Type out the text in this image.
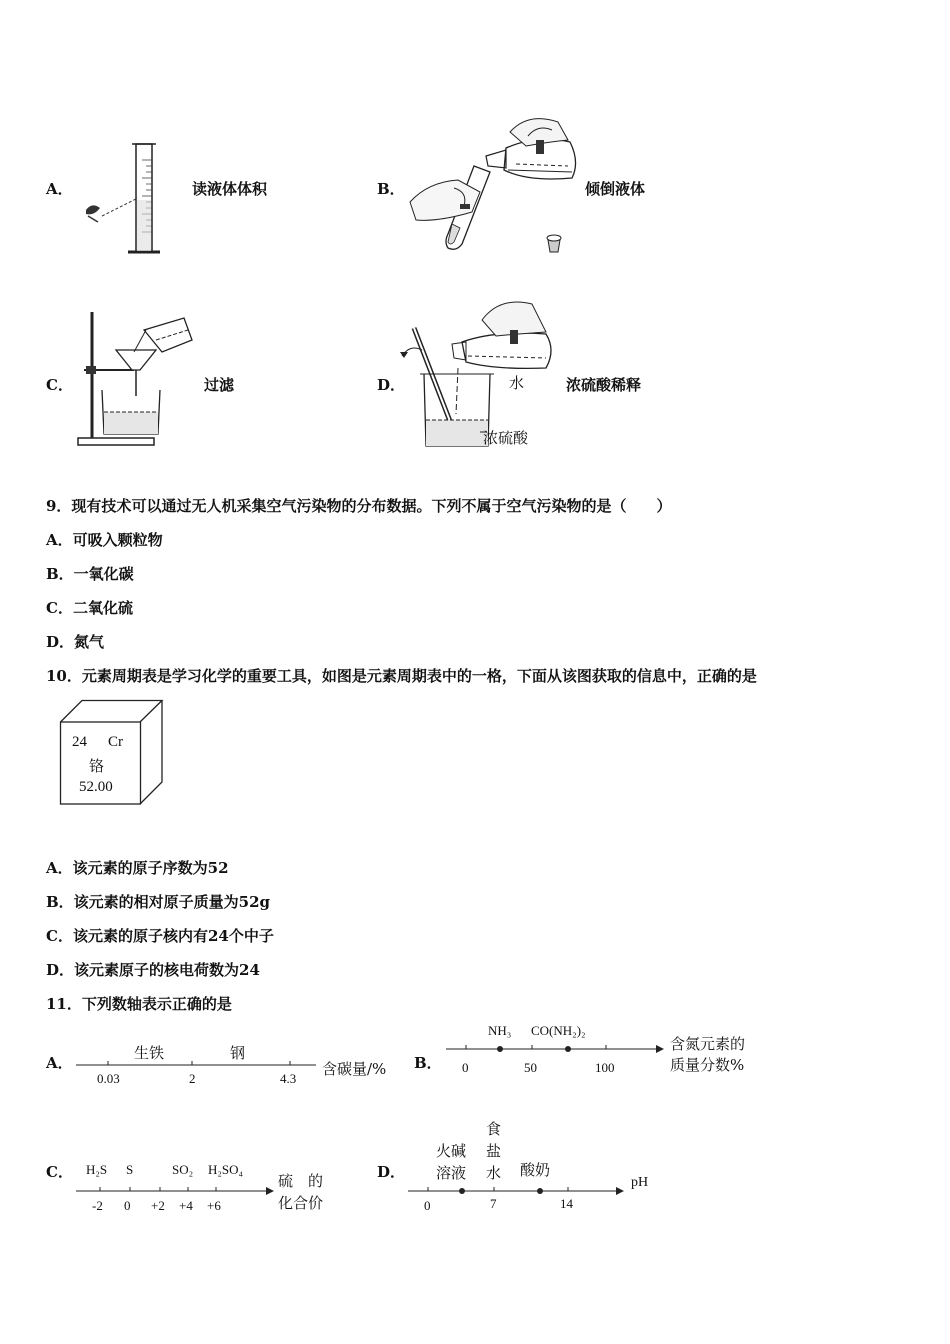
A．	读液体体积	B．	倾倒液体
C．	过滤	D．	水
浓硫酸
浓硫酸稀释
9．现有技术可以通过无人机采集空气污染物的分布数据。下列不属于空气污染物的是（　　）
A．可吸入颗粒物
B．一氧化碳
C．二氧化硫
D．氮气
10．元素周期表是学习化学的重要工具，如图是元素周期表中的一格，下面从该图获取的信息中，正确的是
24 Cr
铬
52.00
A．该元素的原子序数为52
B．该元素的相对原子质量为52g
C．该元素的原子核内有24个中子
D．该元素原子的核电荷数为24
11．下列数轴表示正确的是
A．
生铁	钢
0.03	2	4.3
含碳量/% B．
NH₃ CO(NH₂)₂
0	50	100
含氮元素的
质量分数%
C． H₂S S	SO₂ H₂SO₄
-2 0 +2 +4 +6
硫　的
化合价
D．
火碱
溶液
食
盐
水 酸奶
0	7	14
pH
